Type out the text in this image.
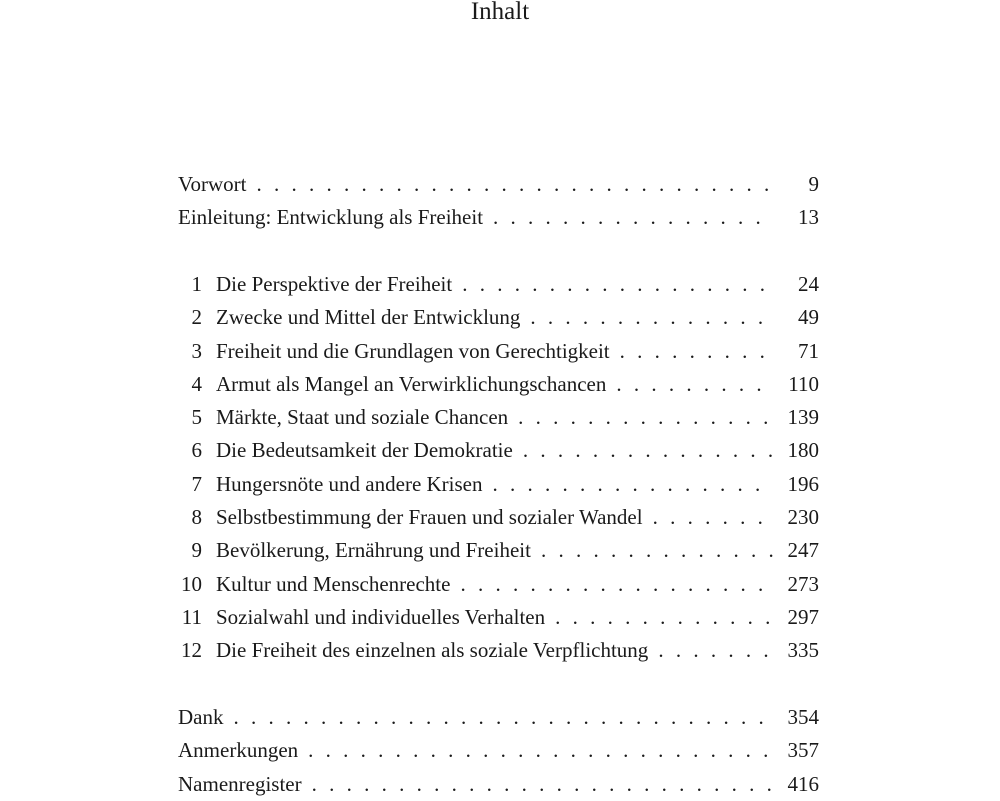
Inhalt
Vorwort . . .	9
Einleitung: Entwicklung als Freiheit . . .	13
1 Die Perspektive der Freiheit . . .	24
2 Zwecke und Mittel der Entwicklung . . .	49
3 Freiheit und die Grundlagen von Gerechtigkeit . . .	71
4 Armut als Mangel an Verwirklichungschancen . . .	110
5 Märkte, Staat und soziale Chancen . . .	139
6 Die Bedeutsamkeit der Demokratie . . .	180
7 Hungersnöte und andere Krisen . . .	196
8 Selbstbestimmung der Frauen und sozialer Wandel . . .	230
9 Bevölkerung, Ernährung und Freiheit . . .	247
10 Kultur und Menschenrechte . . .	273
11 Sozialwahl und individuelles Verhalten . . .	297
12 Die Freiheit des einzelnen als soziale Verpflichtung . . .	335
Dank . . .	354
Anmerkungen . . .	357
Namenregister . . .	416
